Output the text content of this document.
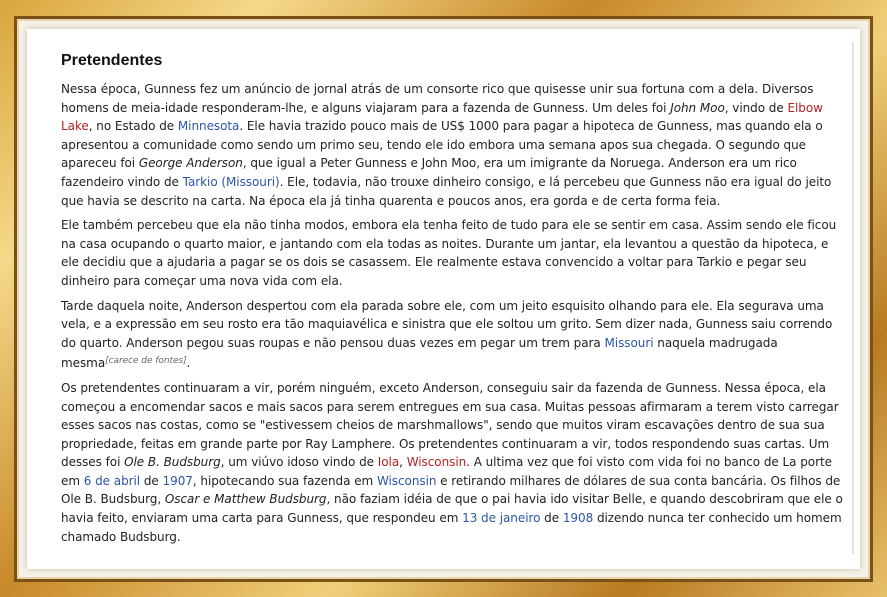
Pretendentes

Nessa época, Gunness fez um anúncio de jornal atrás de um consorte rico que quisesse unir sua fortuna com a dela. Diversos homens de meia-idade responderam-lhe, e alguns viajaram para a fazenda de Gunness. Um deles foi John Moo, vindo de Elbow Lake, no Estado de Minnesota. Ele havia trazido pouco mais de US$ 1000 para pagar a hipoteca de Gunness, mas quando ela o apresentou a comunidade como sendo um primo seu, tendo ele ido embora uma semana apos sua chegada. O segundo que apareceu foi George Anderson, que igual a Peter Gunness e John Moo, era um imigrante da Noruega. Anderson era um rico fazendeiro vindo de Tarkio (Missouri). Ele, todavia, não trouxe dinheiro consigo, e lá percebeu que Gunness não era igual do jeito que havia se descrito na carta. Na época ela já tinha quarenta e poucos anos, era gorda e de certa forma feia.

Ele também percebeu que ela não tinha modos, embora ela tenha feito de tudo para ele se sentir em casa. Assim sendo ele ficou na casa ocupando o quarto maior, e jantando com ela todas as noites. Durante um jantar, ela levantou a questão da hipoteca, e ele decidiu que a ajudaria a pagar se os dois se casassem. Ele realmente estava convencido a voltar para Tarkio e pegar seu dinheiro para começar uma nova vida com ela.

Tarde daquela noite, Anderson despertou com ela parada sobre ele, com um jeito esquisito olhando para ele. Ela segurava uma vela, e a expressão em seu rosto era tão maquiavélica e sinistra que ele soltou um grito. Sem dizer nada, Gunness saiu correndo do quarto. Anderson pegou suas roupas e não pensou duas vezes em pegar um trem para Missouri naquela madrugada mesma[carece de fontes].

Os pretendentes continuaram a vir, porém ninguém, exceto Anderson, conseguiu sair da fazenda de Gunness. Nessa época, ela começou a encomendar sacos e mais sacos para serem entregues em sua casa. Muitas pessoas afirmaram a terem visto carregar esses sacos nas costas, como se "estivessem cheios de marshmallows", sendo que muitos viram escavações dentro de sua sua propriedade, feitas em grande parte por Ray Lamphere. Os pretendentes continuaram a vir, todos respondendo suas cartas. Um desses foi Ole B. Budsburg, um viúvo idoso vindo de Iola, Wisconsin. A ultima vez que foi visto com vida foi no banco de La porte em 6 de abril de 1907, hipotecando sua fazenda em Wisconsin e retirando milhares de dólares de sua conta bancária. Os filhos de Ole B. Budsburg, Oscar e Matthew Budsburg, não faziam idéia de que o pai havia ido visitar Belle, e quando descobriram que ele o havia feito, enviaram uma carta para Gunness, que respondeu em 13 de janeiro de 1908 dizendo nunca ter conhecido um homem chamado Budsburg.
